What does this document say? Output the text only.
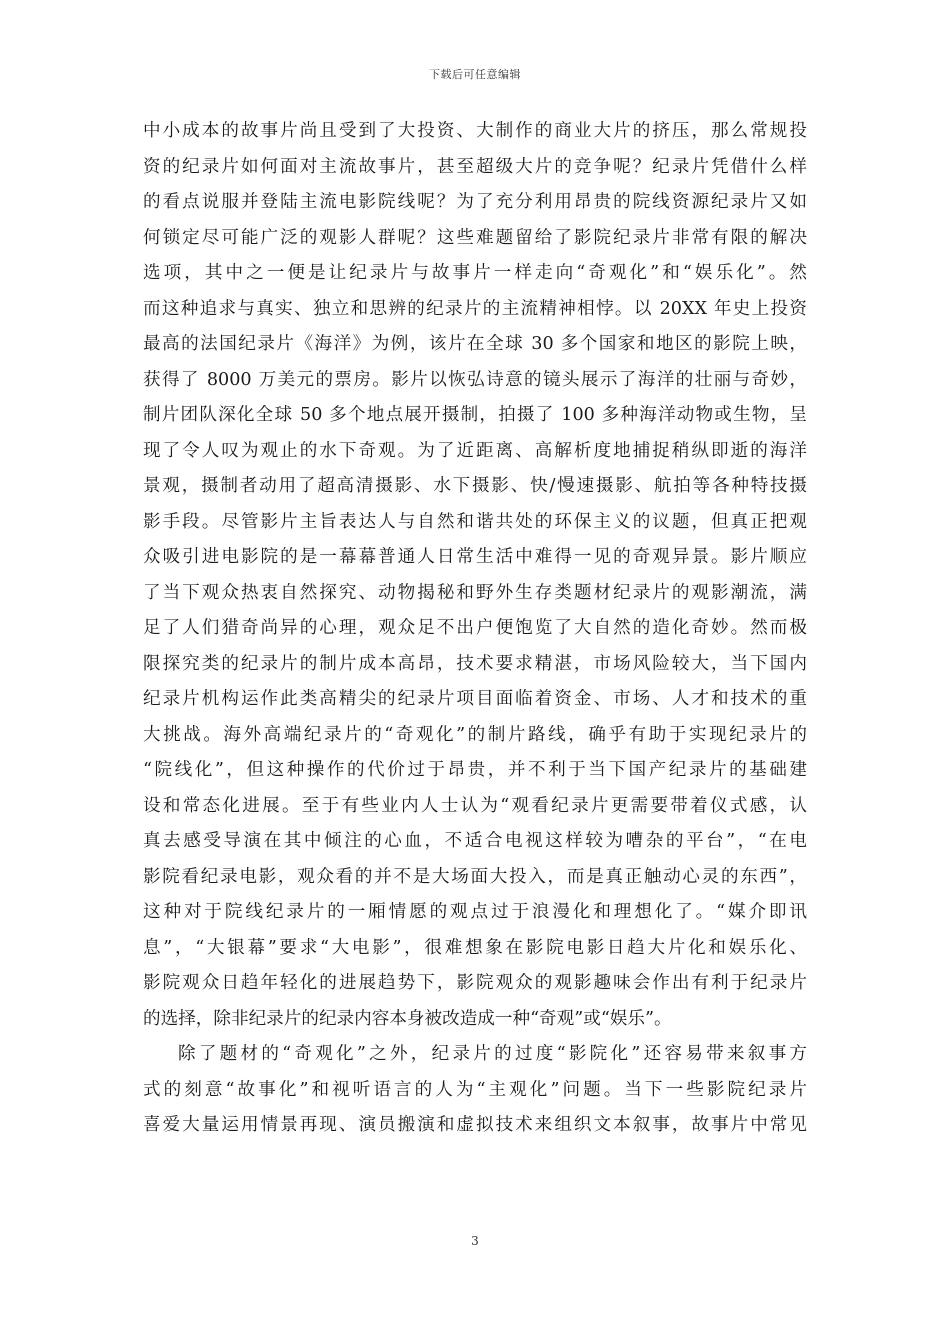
下载后可任意编辑
中小成本的故事片尚且受到了大投资、大制作的商业大片的挤压，那么常规投
资的纪录片如何面对主流故事片，甚至超级大片的竞争呢？纪录片凭借什么样
的看点说服并登陆主流电影院线呢？为了充分利用昂贵的院线资源纪录片又如
何锁定尽可能广泛的观影人群呢？这些难题留给了影院纪录片非常有限的解决
选项，其中之一便是让纪录片与故事片一样走向“奇观化”和“娱乐化”。然
而这种追求与真实、独立和思辨的纪录片的主流精神相悖。以 20XX 年史上投资
最高的法国纪录片《海洋》为例，该片在全球 30 多个国家和地区的影院上映，
获得了 8000 万美元的票房。影片以恢弘诗意的镜头展示了海洋的壮丽与奇妙，
制片团队深化全球 50 多个地点展开摄制，拍摄了 100 多种海洋动物或生物，呈
现了令人叹为观止的水下奇观。为了近距离、高解析度地捕捉稍纵即逝的海洋
景观，摄制者动用了超高清摄影、水下摄影、快/慢速摄影、航拍等各种特技摄
影手段。尽管影片主旨表达人与自然和谐共处的环保主义的议题，但真正把观
众吸引进电影院的是一幕幕普通人日常生活中难得一见的奇观异景。影片顺应
了当下观众热衷自然探究、动物揭秘和野外生存类题材纪录片的观影潮流，满
足了人们猎奇尚异的心理，观众足不出户便饱览了大自然的造化奇妙。然而极
限探究类的纪录片的制片成本高昂，技术要求精湛，市场风险较大，当下国内
纪录片机构运作此类高精尖的纪录片项目面临着资金、市场、人才和技术的重
大挑战。海外高端纪录片的“奇观化”的制片路线，确乎有助于实现纪录片的
“院线化”，但这种操作的代价过于昂贵，并不利于当下国产纪录片的基础建
设和常态化进展。至于有些业内人士认为“观看纪录片更需要带着仪式感，认
真去感受导演在其中倾注的心血，不适合电视这样较为嘈杂的平台”，“在电
影院看纪录电影，观众看的并不是大场面大投入，而是真正触动心灵的东西”，
这种对于院线纪录片的一厢情愿的观点过于浪漫化和理想化了。“媒介即讯
息”，“大银幕”要求“大电影”，很难想象在影院电影日趋大片化和娱乐化、
影院观众日趋年轻化的进展趋势下，影院观众的观影趣味会作出有利于纪录片
的选择，除非纪录片的纪录内容本身被改造成一种“奇观”或“娱乐”。
除了题材的“奇观化”之外，纪录片的过度“影院化”还容易带来叙事方
式的刻意“故事化”和视听语言的人为“主观化”问题。当下一些影院纪录片
喜爱大量运用情景再现、演员搬演和虚拟技术来组织文本叙事，故事片中常见
3
